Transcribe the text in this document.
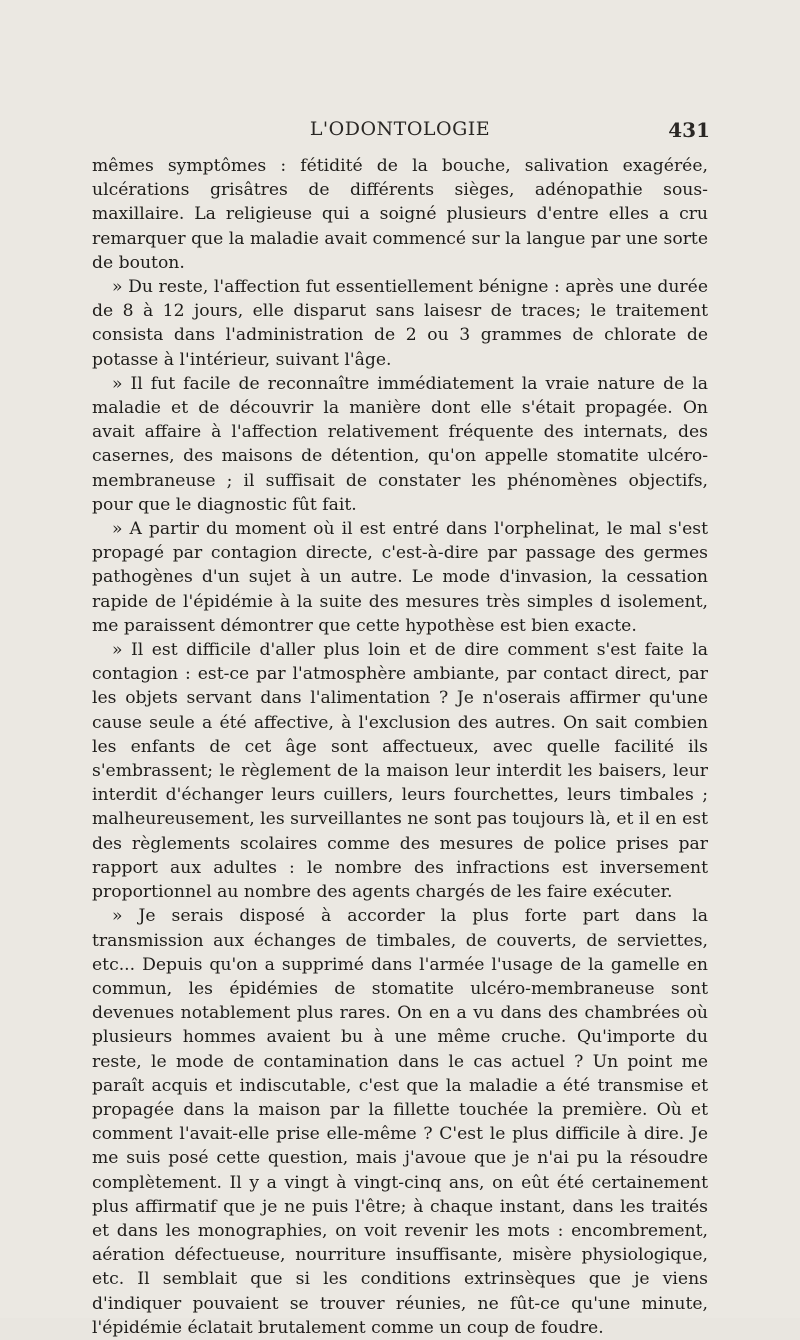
L'ODONTOLOGIE	431

mêmes symptômes : fétidité de la bouche, salivation exagérée, ulcérations grisâtres de différents sièges, adénopathie sous-maxillaire. La religieuse qui a soigné plusieurs d'entre elles a cru remarquer que la maladie avait commencé sur la langue par une sorte de bouton.

» Du reste, l'affection fut essentiellement bénigne : après une durée de 8 à 12 jours, elle disparut sans laisesr de traces; le traitement consista dans l'administration de 2 ou 3 grammes de chlorate de potasse à l'intérieur, suivant l'âge.

» Il fut facile de reconnaître immédiatement la vraie nature de la maladie et de découvrir la manière dont elle s'était propagée. On avait affaire à l'affection relativement fréquente des internats, des casernes, des maisons de détention, qu'on appelle stomatite ulcéro-membraneuse ; il suffisait de constater les phénomènes objectifs, pour que le diagnostic fût fait.

» A partir du moment où il est entré dans l'orphelinat, le mal s'est propagé par contagion directe, c'est-à-dire par passage des germes pathogènes d'un sujet à un autre. Le mode d'invasion, la cessation rapide de l'épidémie à la suite des mesures très simples d isolement, me paraissent démontrer que cette hypothèse est bien exacte.

» Il est difficile d'aller plus loin et de dire comment s'est faite la contagion : est-ce par l'atmosphère ambiante, par contact direct, par les objets servant dans l'alimentation ? Je n'oserais affirmer qu'une cause seule a été affective, à l'exclusion des autres. On sait combien les enfants de cet âge sont affectueux, avec quelle facilité ils s'embrassent; le règlement de la maison leur interdit les baisers, leur interdit d'échanger leurs cuillers, leurs fourchettes, leurs timbales ; malheureusement, les surveillantes ne sont pas toujours là, et il en est des règlements scolaires comme des mesures de police prises par rapport aux adultes : le nombre des infractions est inversement proportionnel au nombre des agents chargés de les faire exécuter.

» Je serais disposé à accorder la plus forte part dans la transmission aux échanges de timbales, de couverts, de serviettes, etc... Depuis qu'on a supprimé dans l'armée l'usage de la gamelle en commun, les épidémies de stomatite ulcéro-membraneuse sont devenues notablement plus rares. On en a vu dans des chambrées où plusieurs hommes avaient bu à une même cruche. Qu'importe du reste, le mode de contamination dans le cas actuel ? Un point me paraît acquis et indiscutable, c'est que la maladie a été transmise et propagée dans la maison par la fillette touchée la première. Où et comment l'avait-elle prise elle-même ? C'est le plus difficile à dire. Je me suis posé cette question, mais j'avoue que je n'ai pu la résoudre complètement. Il y a vingt à vingt-cinq ans, on eût été certainement plus affirmatif que je ne puis l'être; à chaque instant, dans les traités et dans les monographies, on voit revenir les mots : encombrement, aération défectueuse, nourriture insuffisante, misère physiologique, etc. Il semblait que si les conditions extrinsèques que je viens d'indiquer pouvaient se trouver réunies, ne fût-ce qu'une minute, l'épidémie éclatait brutalement comme un coup de foudre.
